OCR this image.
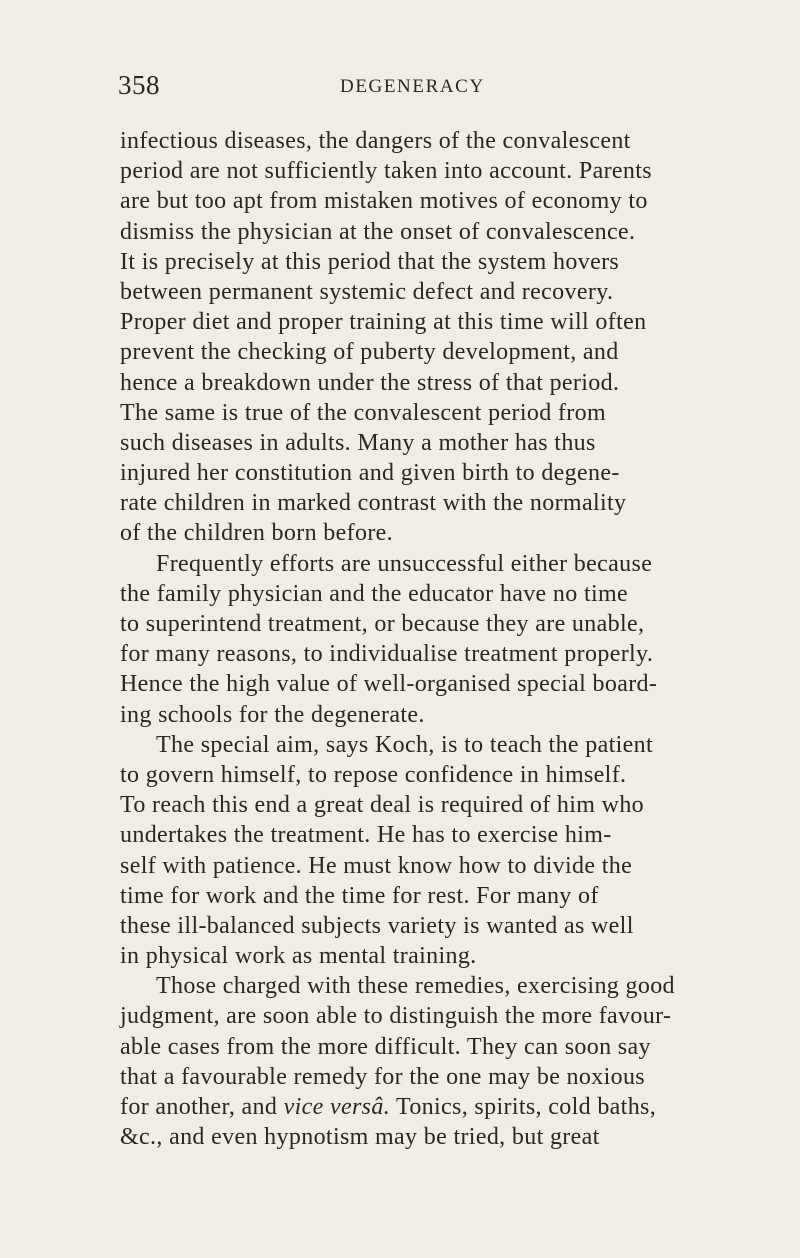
358	DEGENERACY
infectious diseases, the dangers of the convalescent
period are not sufficiently taken into account. Parents
are but too apt from mistaken motives of economy to
dismiss the physician at the onset of convalescence.
It is precisely at this period that the system hovers
between permanent systemic defect and recovery.
Proper diet and proper training at this time will often
prevent the checking of puberty development, and
hence a breakdown under the stress of that period.
The same is true of the convalescent period from
such diseases in adults. Many a mother has thus
injured her constitution and given birth to degene-
rate children in marked contrast with the normality
of the children born before.
Frequently efforts are unsuccessful either because
the family physician and the educator have no time
to superintend treatment, or because they are unable,
for many reasons, to individualise treatment properly.
Hence the high value of well-organised special board-
ing schools for the degenerate.
The special aim, says Koch, is to teach the patient
to govern himself, to repose confidence in himself.
To reach this end a great deal is required of him who
undertakes the treatment. He has to exercise him-
self with patience. He must know how to divide the
time for work and the time for rest. For many of
these ill-balanced subjects variety is wanted as well
in physical work as mental training.
Those charged with these remedies, exercising good
judgment, are soon able to distinguish the more favour-
able cases from the more difficult. They can soon say
that a favourable remedy for the one may be noxious
for another, and vice versâ. Tonics, spirits, cold baths,
&c., and even hypnotism may be tried, but great
